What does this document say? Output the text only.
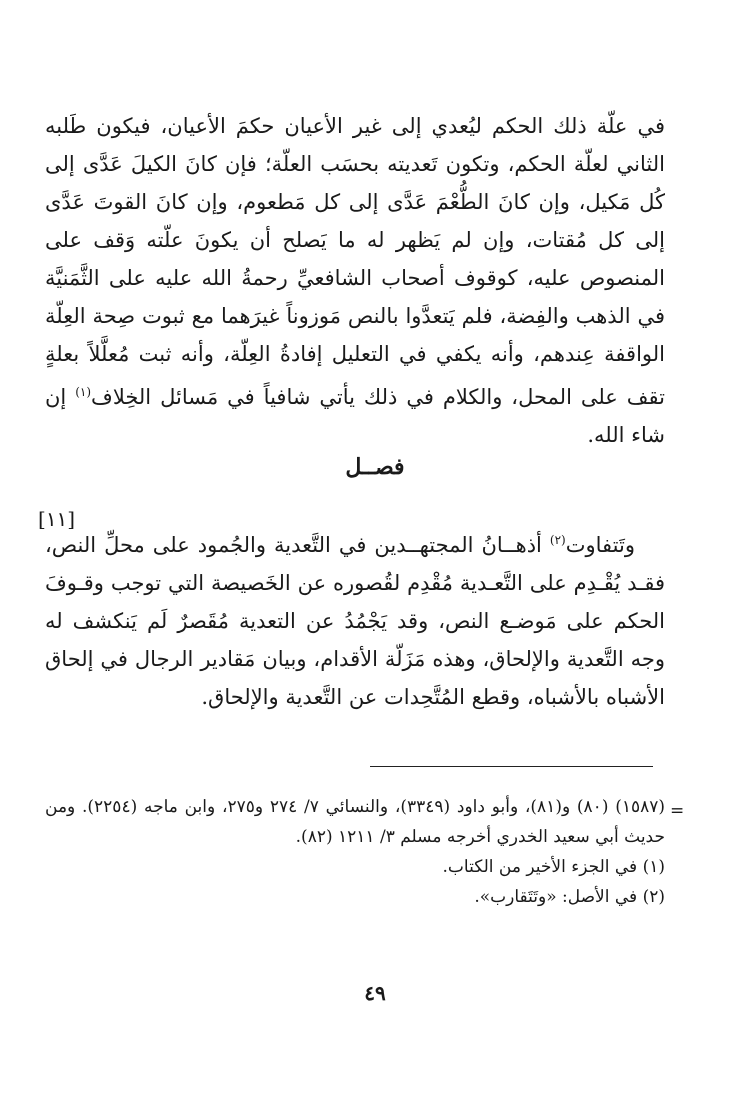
في علّة ذلك الحكم ليُعدي إلى غير الأعيان حكمَ الأعيان، فيكون طَلبه الثاني لعلّة الحكم، وتكون تَعديته بحسَب العلّة؛ فإن كانَ الكيلَ عَدَّى إلى كُل مَكيل، وإن كانَ الطُّعْمَ عَدَّى إلى كل مَطعوم، وإن كانَ القوتَ عَدَّى إلى كل مُقتات، وإن لم يَظهر له ما يَصلح أن يكونَ علّته وَقف على المنصوص عليه، كوقوف أصحاب الشافعيِّ رحمةُ الله عليه على الثَّمَنيَّة في الذهب والفِضة، فلم يَتعدَّوا بالنص مَوزوناً غيرَهما مع ثبوت صِحة العِلّة الواقفة عِندهم، وأنه يكفي في التعليل إفادةُ العِلّة، وأنه ثبت مُعلَّلاً بعلةٍ تقف على المحل، والكلام في ذلك يأتي شافياً في مَسائل الخِلاف$^{(١)}$ إن شاء الله.

فصــل
[١١]

وتَتفاوت$^{(٢)}$ أذهــانُ المجتهــدين في التَّعدية والجُمود على محلِّ النص، فقـد يُقْـدِم على التَّعـدية مُقْدِم لقُصوره عن الخَصيصة التي توجب وقـوفَ الحكم على مَوضـع النص، وقد يَجْمُدُ عن التعدية مُقَصرٌ لَم يَنكشف له وجه التَّعدية والإلحاق، وهذه مَزَلّة الأقدام، وبيان مَقادير الرجال في إلحاق الأشباه بالأشباه، وقطع المُتَّحِدات عن التَّعدية والإلحاق.

=
(١٥٨٧) (٨٠) و(٨١)، وأبو داود (٣٣٤٩)، والنسائي ٧/ ٢٧٤ و٢٧٥، وابن ماجه (٢٢٥٤). ومن حديث أبي سعيد الخدري أخرجه مسلم ٣/ ١٢١١ (٨٢).
(١) في الجزء الأخير من الكتاب.
(٢) في الأصل: «وتَتَقارب».
٤٩
